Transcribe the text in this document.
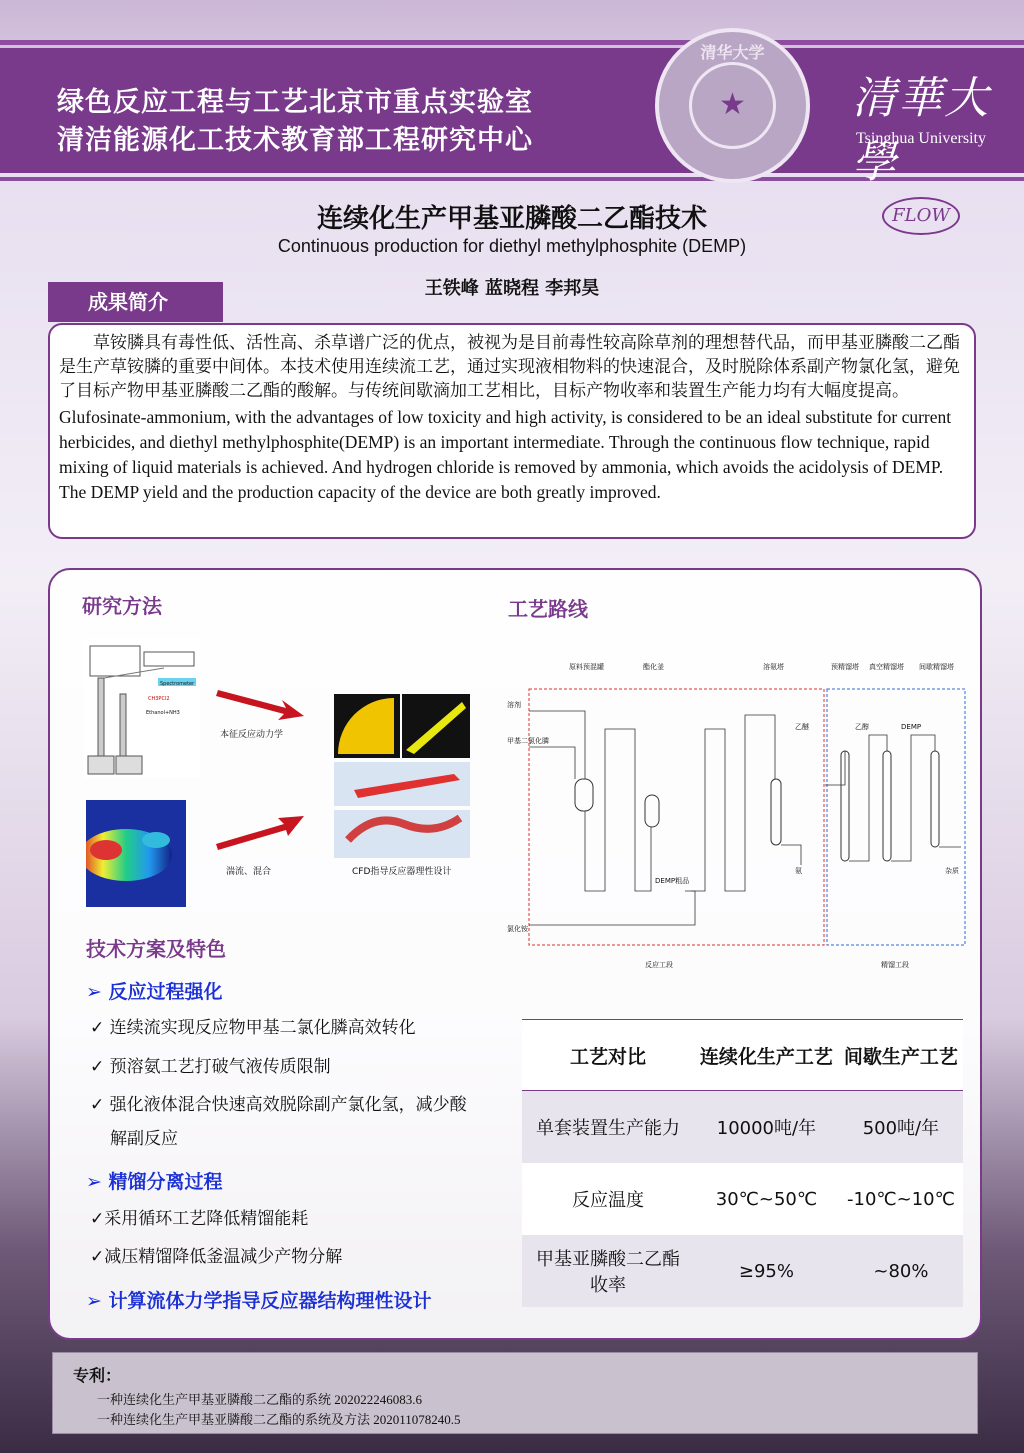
绿色反应工程与工艺北京市重点实验室
清洁能源化工技术教育部工程研究中心
清华大学
★	清華大學
Tsinghua University
连续化生产甲基亚膦酸二乙酯技术
Continuous production for diethyl methylphosphite (DEMP)
王铁峰 蓝晓程 李邦昊
FLOW

草铵膦具有毒性低、活性高、杀草谱广泛的优点，被视为是目前毒性较高除草剂的理想替代品，而甲基亚膦酸二乙酯是生产草铵膦的重要中间体。本技术使用连续流工艺，通过实现液相物料的快速混合，及时脱除体系副产物氯化氢，避免了目标产物甲基亚膦酸二乙酯的酸解。与传统间歇滴加工艺相比，目标产物收率和装置生产能力均有大幅度提高。

Glufosinate-ammonium, with the advantages of low toxicity and high activity, is considered to be an ideal substitute for current herbicides, and diethyl methylphosphite(DEMP) is an important intermediate. Through the continuous flow technique, rapid mixing of liquid materials is achieved. And hydrogen chloride is removed by ammonia, which avoids the acidolysis of DEMP. The DEMP yield and the production capacity of the device are both greatly improved.

成果简介
研究方法
Spectrometer
CH3PCl2
Ethanol+NH3
本征反应动力学
湍流、混合	CFD指导反应器理性设计
工艺路线
原料预混罐	酯化釜	溶氨塔	预精馏塔 真空精馏塔 间歇精馏塔
溶剂
甲基二氯化膦
乙醚	乙醇	DEMP
DEMP粗品
氨	杂质
氯化铵
反应工段	精馏工段
技术方案及特色
➢ 反应过程强化
✓ 连续流实现反应物甲基二氯化膦高效转化
✓ 预溶氨工艺打破气液传质限制
✓ 强化液体混合快速高效脱除副产氯化氢，减少酸
解副反应
➢ 精馏分离过程
✓采用循环工艺降低精馏能耗
✓减压精馏降低釜温减少产物分解
➢ 计算流体力学指导反应器结构理性设计
工艺对比	连续化生产工艺	间歇生产工艺
单套装置生产能力	10000吨/年	500吨/年
反应温度	30℃~50℃	-10℃~10℃
甲基亚膦酸二乙酯收率	≥95%	~80%
专利：
一种连续化生产甲基亚膦酸二乙酯的系统 202022246083.6
一种连续化生产甲基亚膦酸二乙酯的系统及方法 202011078240.5
